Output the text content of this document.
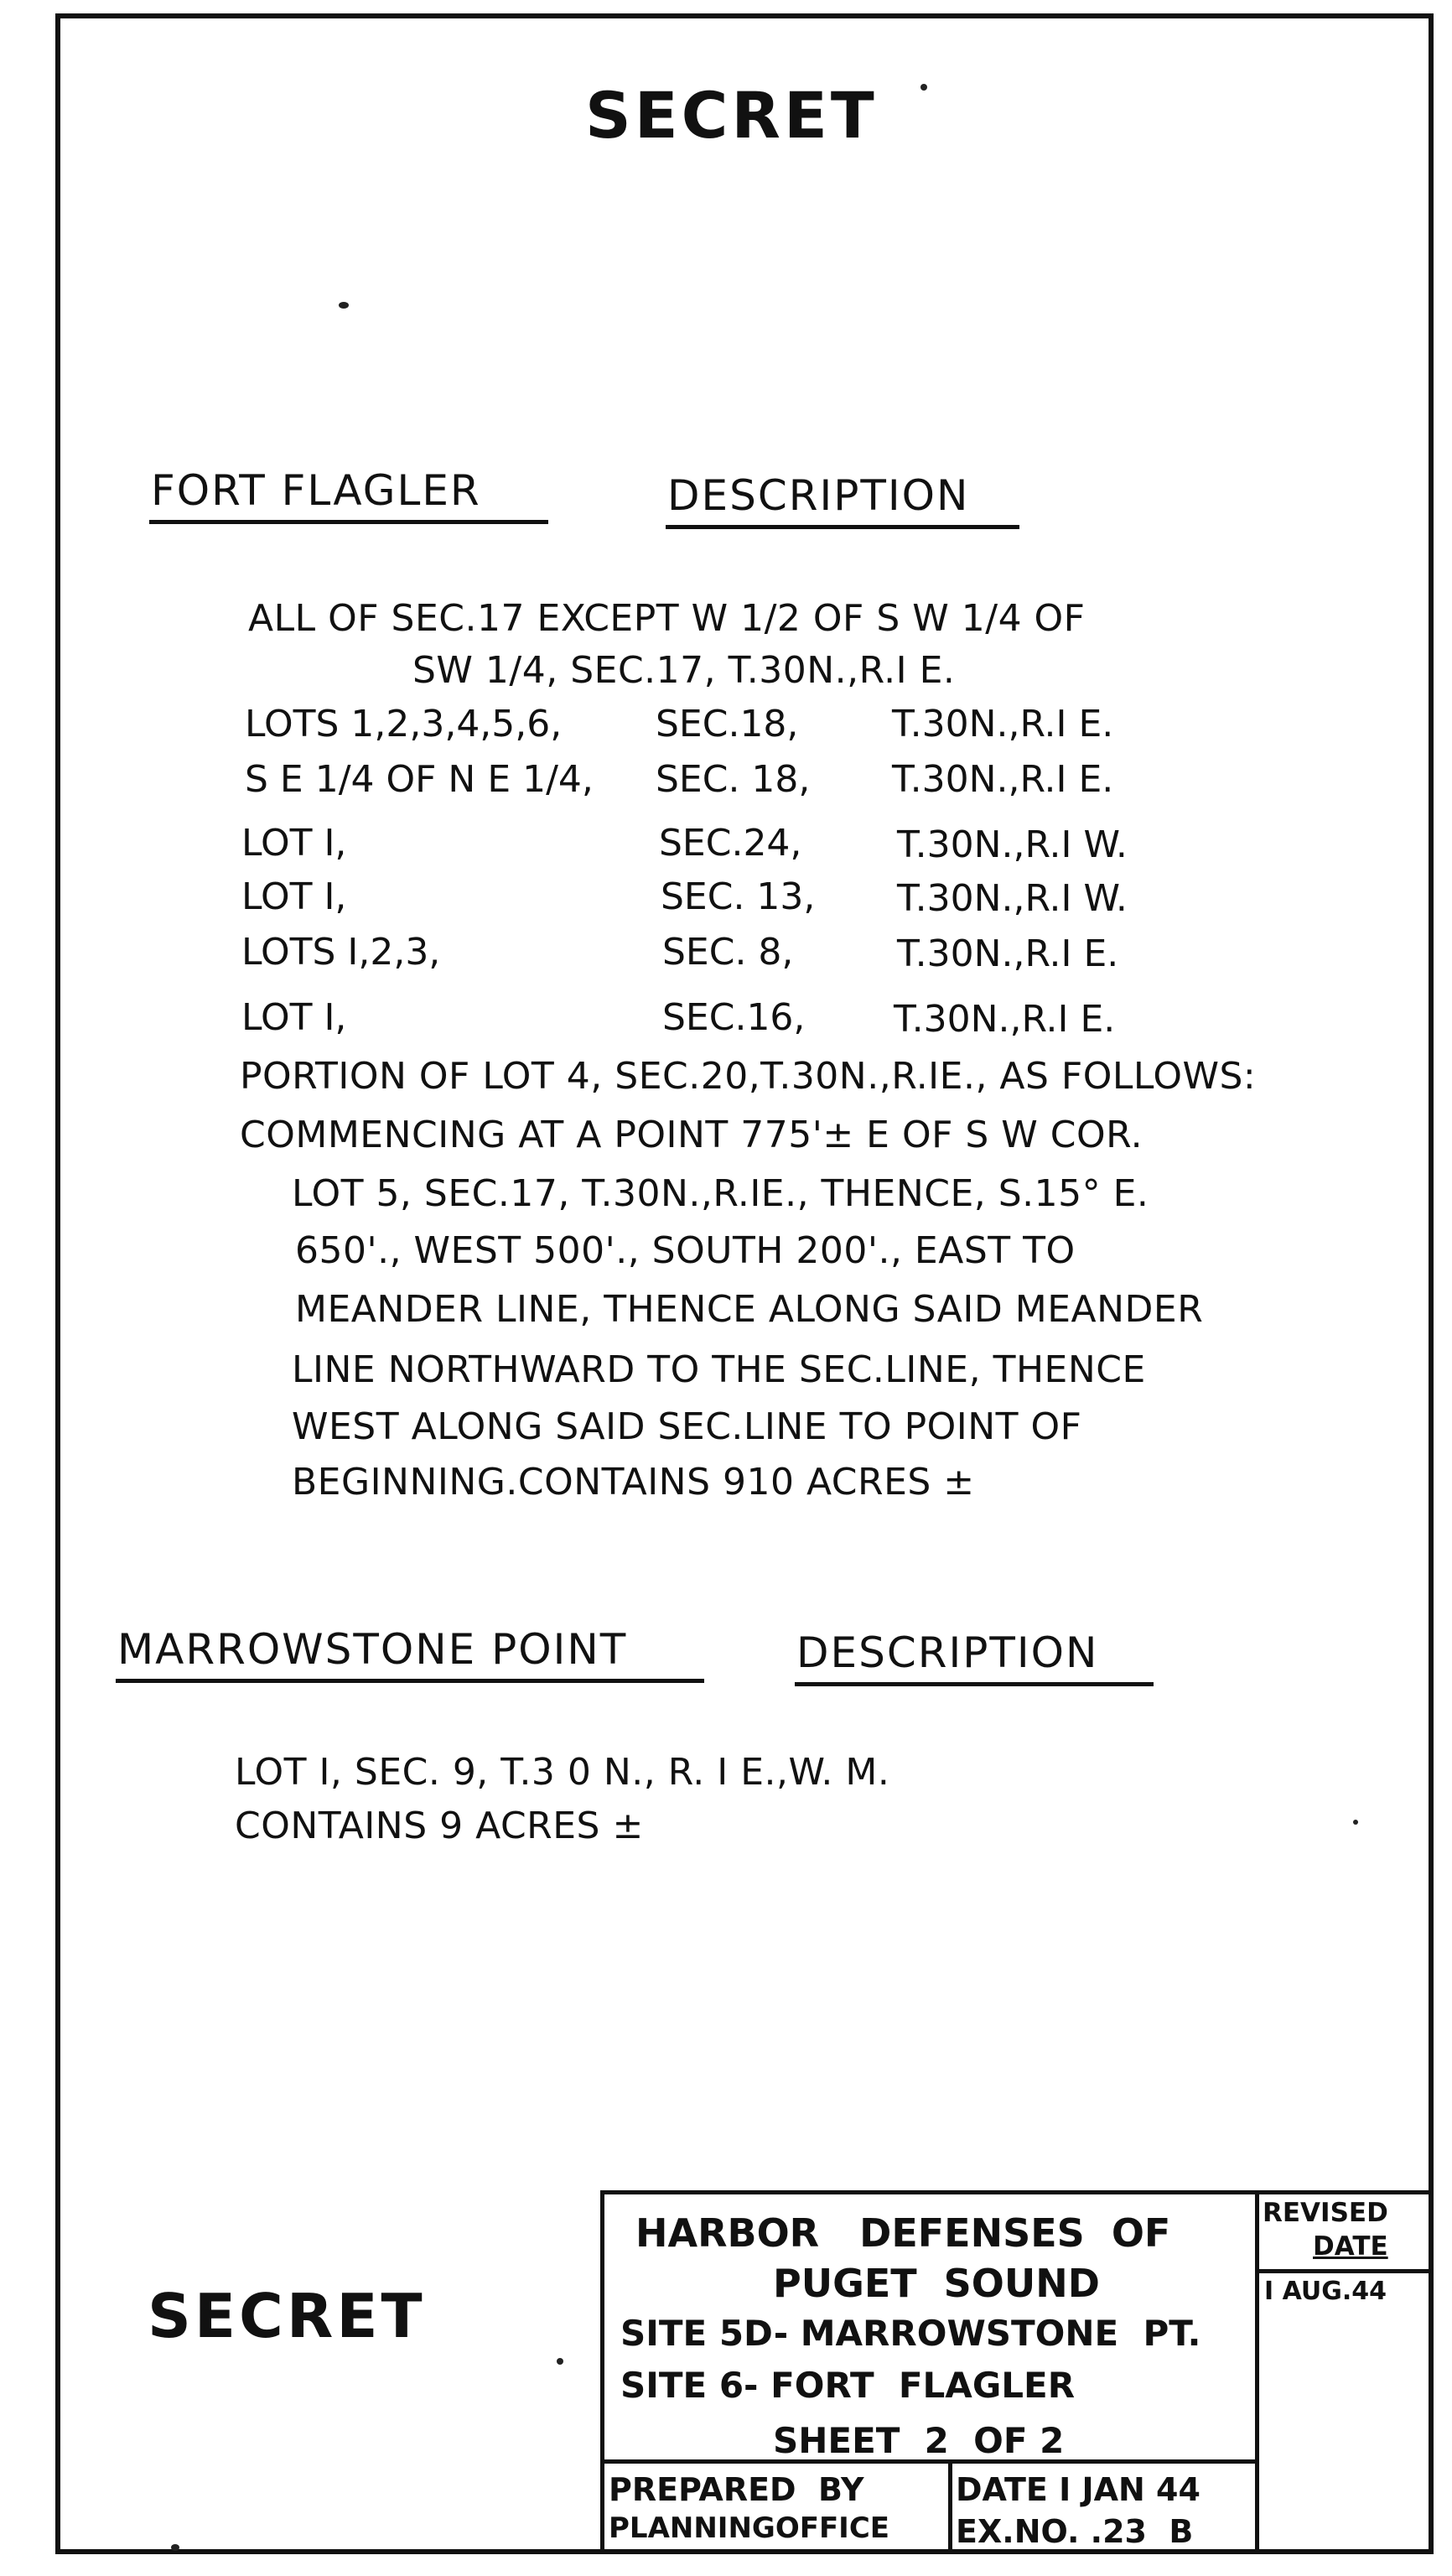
SECRET
FORT FLAGLER	DESCRIPTION
ALL OF SEC.17 EXCEPT W 1/2 OF S W 1/4 OF
SW 1/4, SEC.17, T.30N.,R.I E.
LOTS 1,2,3,4,5,6,	SEC.18,	T.30N.,R.I E.
S E 1/4 OF N E 1/4, SEC. 18, T.30N.,R.I E.
LOT I,	SEC.24,	T.30N.,R.I W.
LOT I,	SEC. 13, T.30N.,R.I W.
LOTS I,2,3,	SEC. 8,	T.30N.,R.I E.
LOT I,	SEC.16, T.30N.,R.I E.
PORTION OF LOT 4, SEC.20,T.30N.,R.IE., AS FOLLOWS:
COMMENCING AT A POINT 775'± E OF S W COR.
LOT 5, SEC.17, T.30N.,R.IE., THENCE, S.15° E.
650'., WEST 500'., SOUTH 200'., EAST TO
MEANDER LINE, THENCE ALONG SAID MEANDER
LINE NORTHWARD TO THE SEC.LINE, THENCE
WEST ALONG SAID SEC.LINE TO POINT OF
BEGINNING.CONTAINS 910 ACRES ±
MARROWSTONE POINT	DESCRIPTION
LOT I, SEC. 9, T.3 0 N., R. I E.,W. M.
CONTAINS 9 ACRES ±
SECRET
HARBOR   DEFENSES  OF
PUGET  SOUND
SITE 5D- MARROWSTONE  PT.
SITE 6- FORT  FLAGLER
SHEET  2  OF 2
PREPARED  BY
PLANNINGOFFICE
DATE I JAN 44
EX.NO. .23  B
REVISED
DATE
I AUG.44
